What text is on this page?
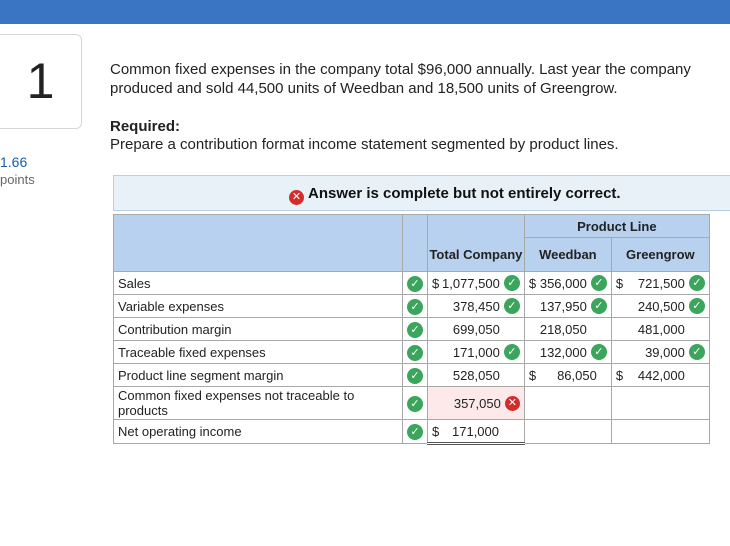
1
1.66
points
Common fixed expenses in the company total $96,000 annually. Last year the company
produced and sold 44,500 units of Weedban and 18,500 units of Greengrow.
Required:
Prepare a contribution format income statement segmented by product lines.
✕ Answer is complete but not entirely correct.
			Product Line	
		Total Company	Weedban	Greengrow
Sales	✓	$ 1,077,500 ✓	$ 356,000 ✓	$ 721,500 ✓

Variable expenses	✓	378,450 ✓	137,950 ✓	240,500 ✓

Contribution margin	✓	699,050	218,050	481,000

Traceable fixed expenses	✓	171,000 ✓	132,000 ✓	39,000 ✓

Product line segment margin	✓	528,050	$ 86,050	$ 442,000

Common fixed expenses not traceable to products	✓	357,050 ✕		

Net operating income	✓	$ 171,000		
